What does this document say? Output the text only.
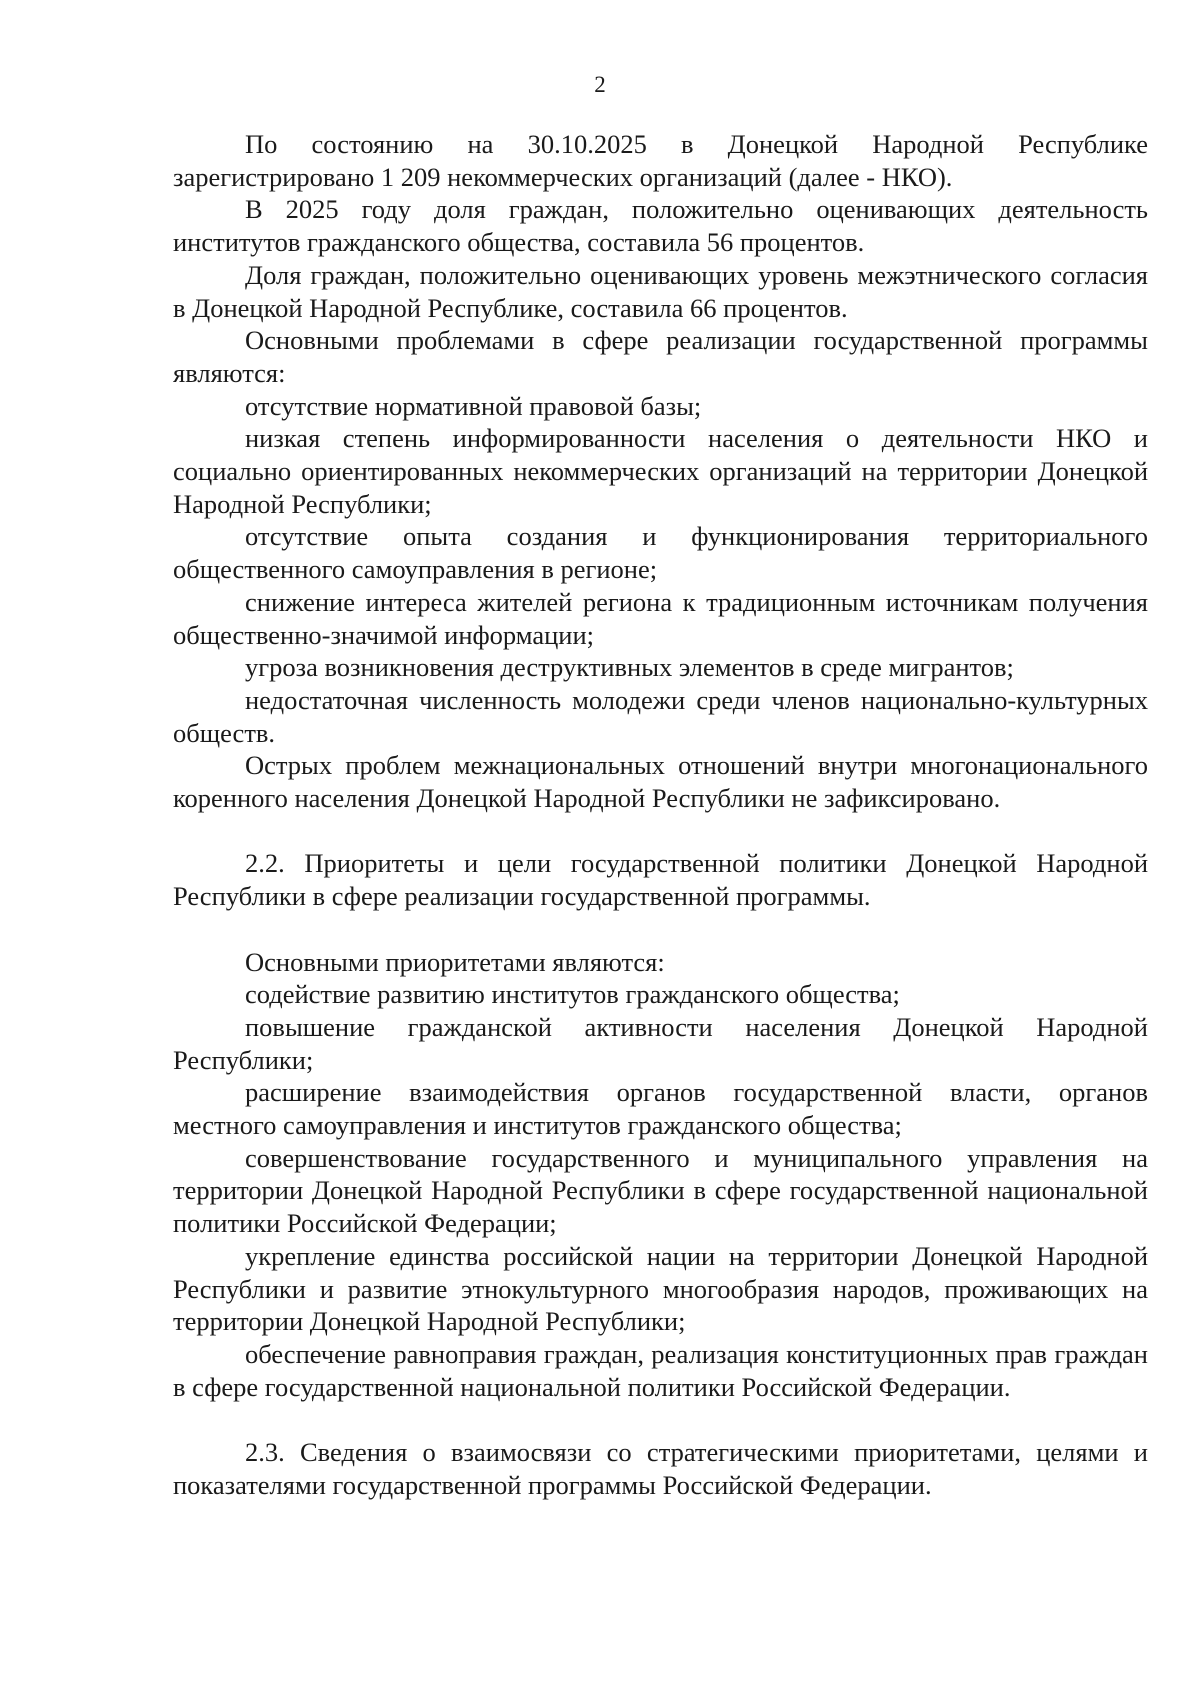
2

По состоянию на 30.10.2025 в Донецкой Народной Республике зарегистрировано 1 209 некоммерческих организаций (далее - НКО).

В 2025 году доля граждан, положительно оценивающих деятельность институтов гражданского общества, составила 56 процентов.

Доля граждан, положительно оценивающих уровень межэтнического согласия в Донецкой Народной Республике, составила 66 процентов.

Основными проблемами в сфере реализации государственной программы являются:

отсутствие нормативной правовой базы;

низкая степень информированности населения о деятельности НКО и социально ориентированных некоммерческих организаций на территории Донецкой Народной Республики;

отсутствие опыта создания и функционирования территориального общественного самоуправления в регионе;

снижение интереса жителей региона к традиционным источникам получения общественно-значимой информации;

угроза возникновения деструктивных элементов в среде мигрантов;

недостаточная численность молодежи среди членов национально-культурных обществ.

Острых проблем межнациональных отношений внутри многонационального коренного населения Донецкой Народной Республики не зафиксировано.

2.2. Приоритеты и цели государственной политики Донецкой Народной Республики в сфере реализации государственной программы.

Основными приоритетами являются:

содействие развитию институтов гражданского общества;

повышение гражданской активности населения Донецкой Народной Республики;

расширение взаимодействия органов государственной власти, органов местного самоуправления и институтов гражданского общества;

совершенствование государственного и муниципального управления на территории Донецкой Народной Республики в сфере государственной национальной политики Российской Федерации;

укрепление единства российской нации на территории Донецкой Народной Республики и развитие этнокультурного многообразия народов, проживающих на территории Донецкой Народной Республики;

обеспечение равноправия граждан, реализация конституционных прав граждан в сфере государственной национальной политики Российской Федерации.

2.3. Сведения о взаимосвязи со стратегическими приоритетами, целями и показателями государственной программы Российской Федерации.
